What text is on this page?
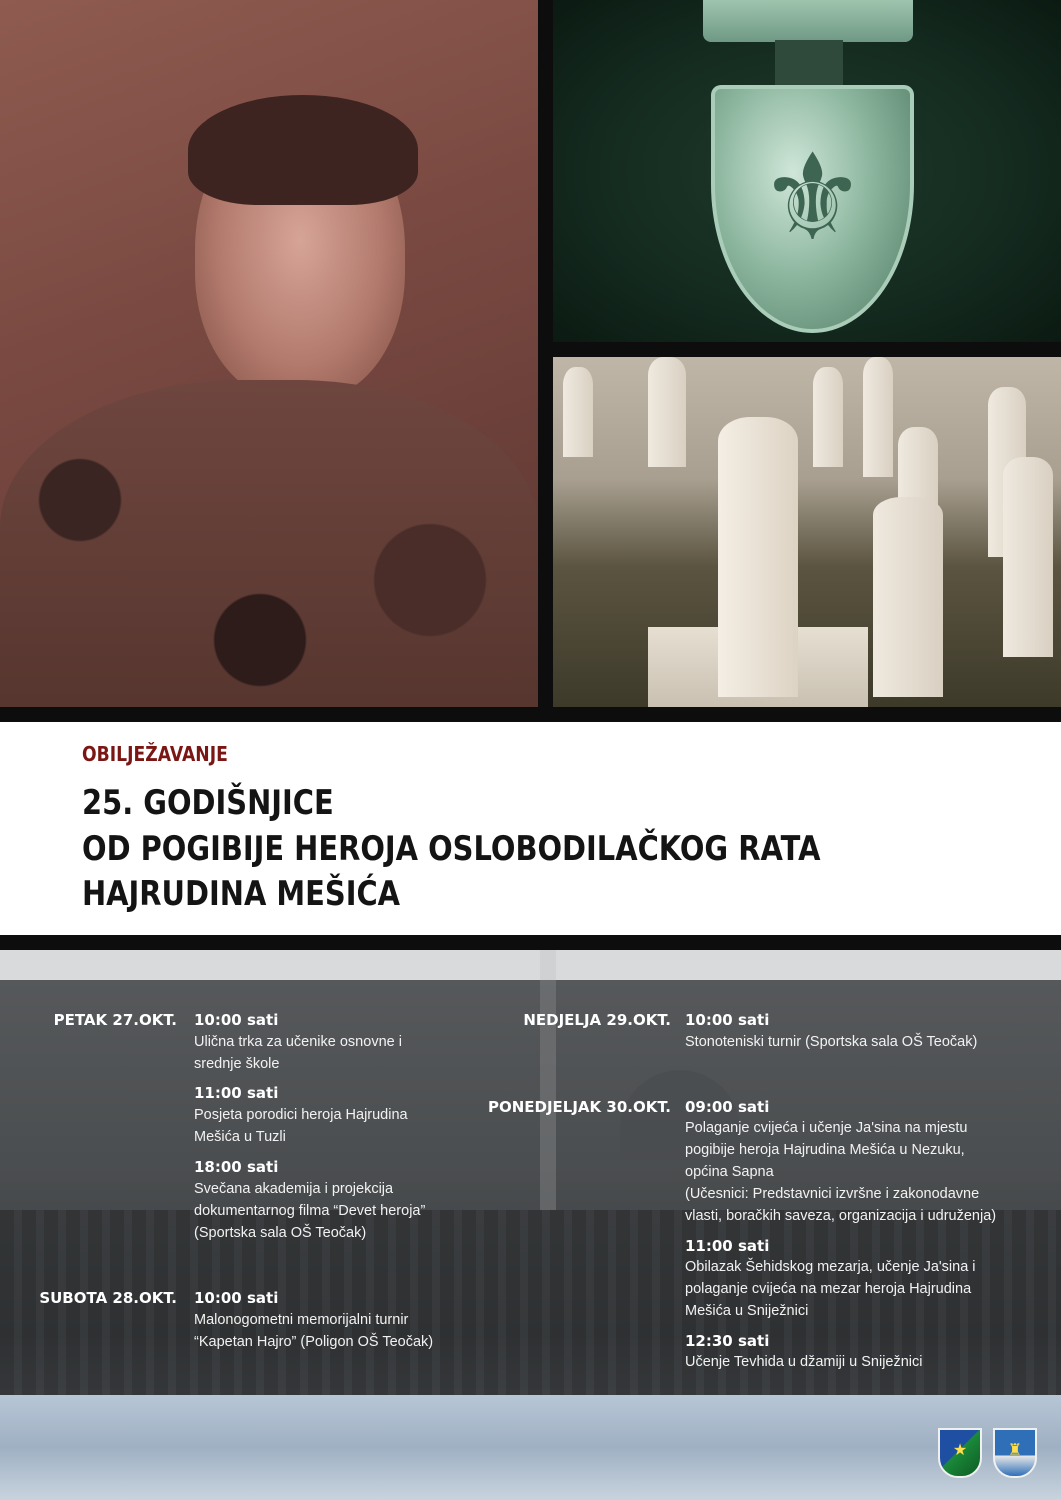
⚜
OBILJEŽAVANJE
25. GODIŠNJICE
OD POGIBIJE HEROJA OSLOBODILAČKOG RATA
HAJRUDINA MEŠIĆA
PETAK 27.OKT. 10:00 sati
Ulična trka za učenike osnovne i
srednje škole
11:00 sati
Posjeta porodici heroja Hajrudina
Mešića u Tuzli
18:00 sati
Svečana akademija i projekcija
dokumentarnog filma “Devet heroja”
(Sportska sala OŠ Teočak)
SUBOTA 28.OKT. 10:00 sati
Malonogometni memorijalni turnir
“Kapetan Hajro” (Poligon OŠ Teočak)
NEDJELJA 29.OKT. 10:00 sati
Stonoteniski turnir (Sportska sala OŠ Teočak)
PONEDJELJAK 30.OKT. 09:00 sati
Polaganje cvijeća i učenje Ja'sina na mjestu
pogibije heroja Hajrudina Mešića u Nezuku,
općina Sapna
(Učesnici: Predstavnici izvršne i zakonodavne
vlasti, boračkih saveza, organizacija i udruženja)
11:00 sati
Obilazak Šehidskog mezarja, učenje Ja'sina i
polaganje cvijeća na mezar heroja Hajrudina
Mešića u Sniježnici
12:30 sati
Učenje Tevhida u džamiji u Sniježnici
★	♜
